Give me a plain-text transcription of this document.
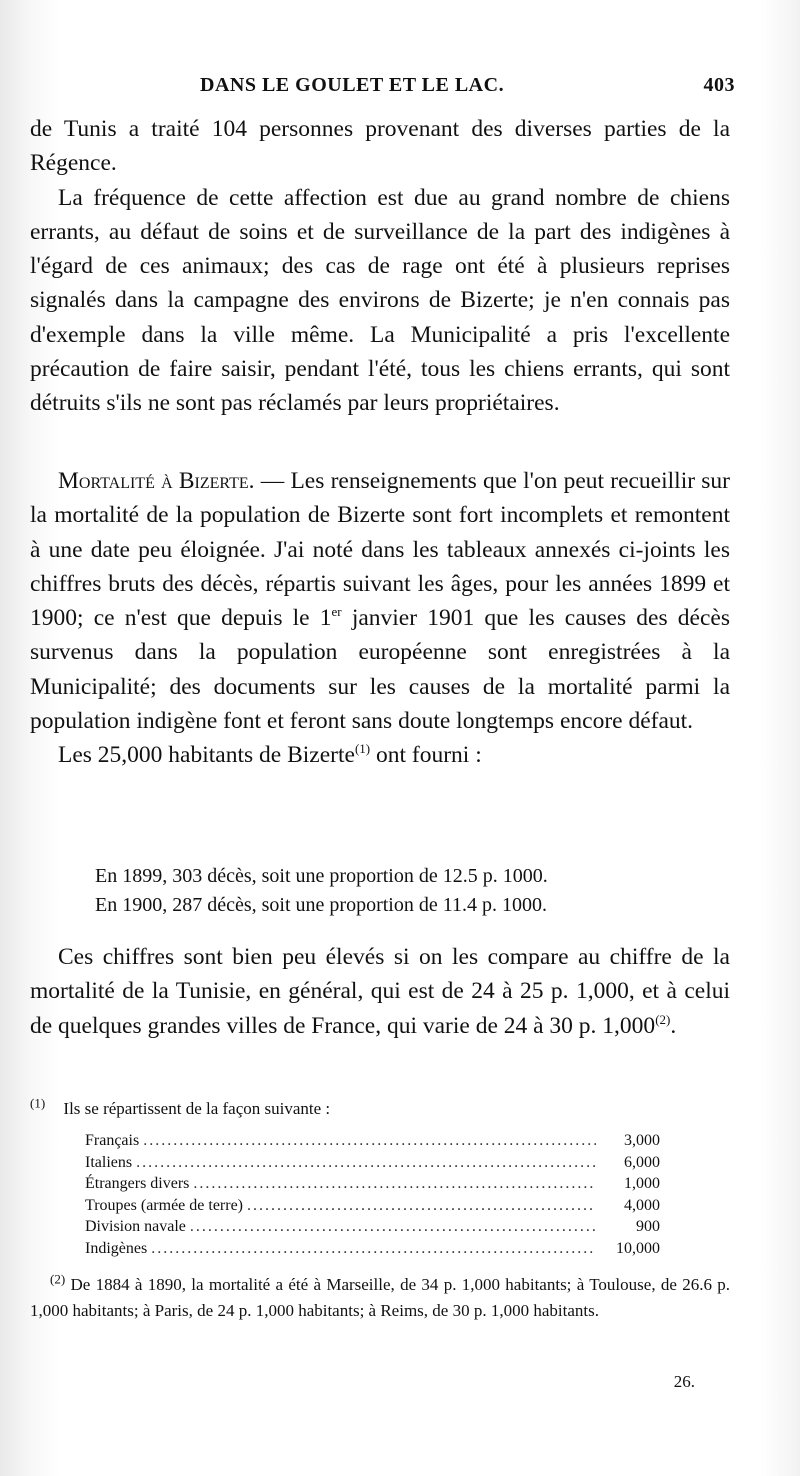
DANS LE GOULET ET LE LAC.	403

de Tunis a traité 104 personnes provenant des diverses parties de la Régence.

La fréquence de cette affection est due au grand nombre de chiens errants, au défaut de soins et de surveillance de la part des indigènes à l'égard de ces animaux; des cas de rage ont été à plusieurs reprises signalés dans la campagne des environs de Bizerte; je n'en connais pas d'exemple dans la ville même. La Municipalité a pris l'excellente précaution de faire saisir, pendant l'été, tous les chiens errants, qui sont détruits s'ils ne sont pas réclamés par leurs propriétaires.

Mortalité à Bizerte. — Les renseignements que l'on peut recueillir sur la mortalité de la population de Bizerte sont fort incomplets et remontent à une date peu éloignée. J'ai noté dans les tableaux annexés ci-joints les chiffres bruts des décès, répartis suivant les âges, pour les années 1899 et 1900; ce n'est que depuis le 1er janvier 1901 que les causes des décès survenus dans la population européenne sont enregistrées à la Municipalité; des documents sur les causes de la mortalité parmi la population indigène font et feront sans doute longtemps encore défaut.

Les 25,000 habitants de Bizerte$^{(1)}$ ont fourni :

En 1899, 303 décès, soit une proportion de 12.5 p. 1000.
En 1900, 287 décès, soit une proportion de 11.4 p. 1000.

Ces chiffres sont bien peu élevés si on les compare au chiffre de la mortalité de la Tunisie, en général, qui est de 24 à 25 p. 1,000, et à celui de quelques grandes villes de France, qui varie de 24 à 30 p. 1,000$^{(2)}$.

$^{(1)}$ Ils se répartissent de la façon suivante :
Français .....	3,000
Italiens .....	6,000
Étrangers divers .....	1,000
Troupes (armée de terre) .....	4,000
Division navale .....	900
Indigènes .....	10,000
$^{(2)}$ De 1884 à 1890, la mortalité a été à Marseille, de 34 p. 1,000 habitants; à Toulouse, de 26.6 p. 1,000 habitants; à Paris, de 24 p. 1,000 habitants; à Reims, de 30 p. 1,000 habitants.
26.
